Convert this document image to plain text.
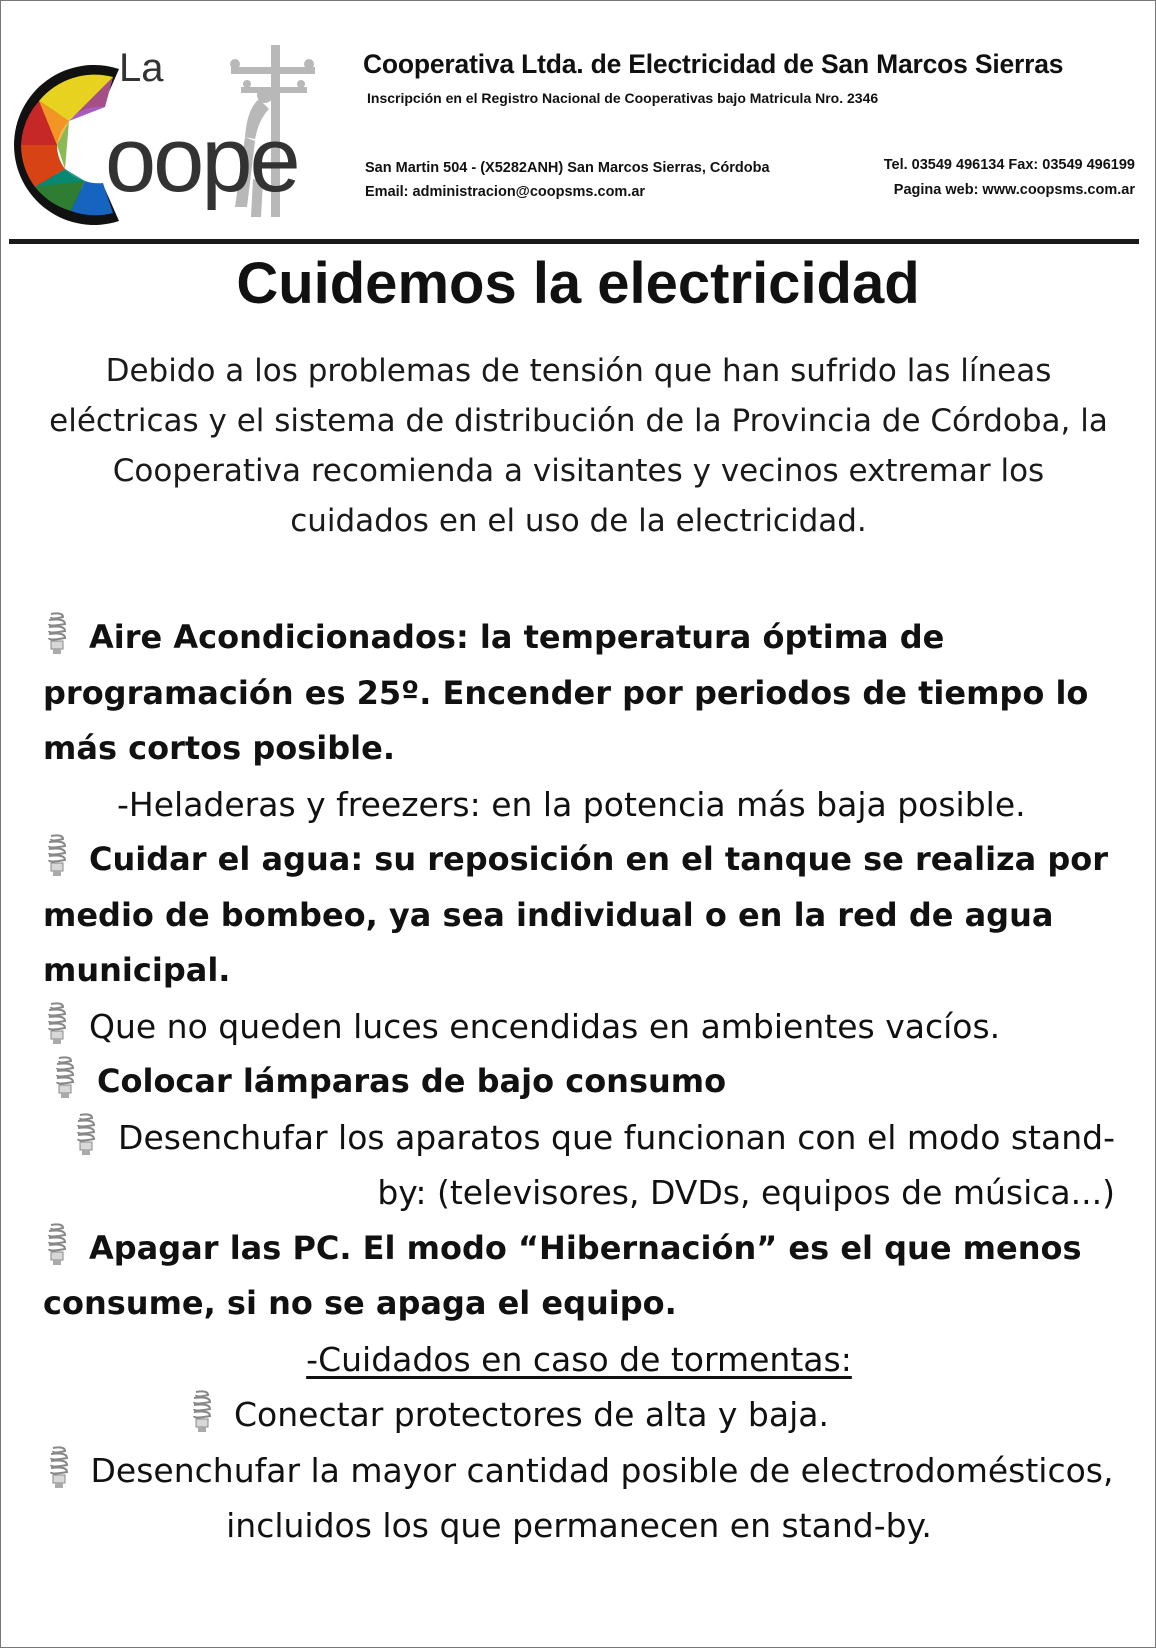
La
oope
Cooperativa Ltda. de Electricidad de San Marcos Sierras
Inscripción en el Registro Nacional de Cooperativas bajo Matricula Nro. 2346
San Martin 504 - (X5282ANH) San Marcos Sierras, Córdoba
Email: administracion@coopsms.com.ar
Tel. 03549 496134 Fax: 03549 496199
Pagina web: www.coopsms.com.ar
Cuidemos la electricidad
Debido a los problemas de tensión que han sufrido las líneas eléctricas y el sistema de distribución de la Provincia de Córdoba, la Cooperativa recomienda a visitantes y vecinos extremar los cuidados en el uso de la electricidad.

Aire Acondicionados: la temperatura óptima de programación es 25º. Encender por periodos de tiempo lo más cortos posible.

-Heladeras y freezers: en la potencia más baja posible.

Cuidar el agua: su reposición en el tanque se realiza por medio de bombeo, ya sea individual o en la red de agua municipal.

Que no queden luces encendidas en ambientes vacíos.

Colocar lámparas de bajo consumo

Desenchufar los aparatos que funcionan con el modo stand-by: (televisores, DVDs, equipos de música...)

Apagar las PC. El modo “Hibernación” es el que menos consume, si no se apaga el equipo.

-Cuidados en caso de tormentas:

Conectar protectores de alta y baja.

Desenchufar la mayor cantidad posible de electrodomésticos, incluidos los que permanecen en stand-by.
